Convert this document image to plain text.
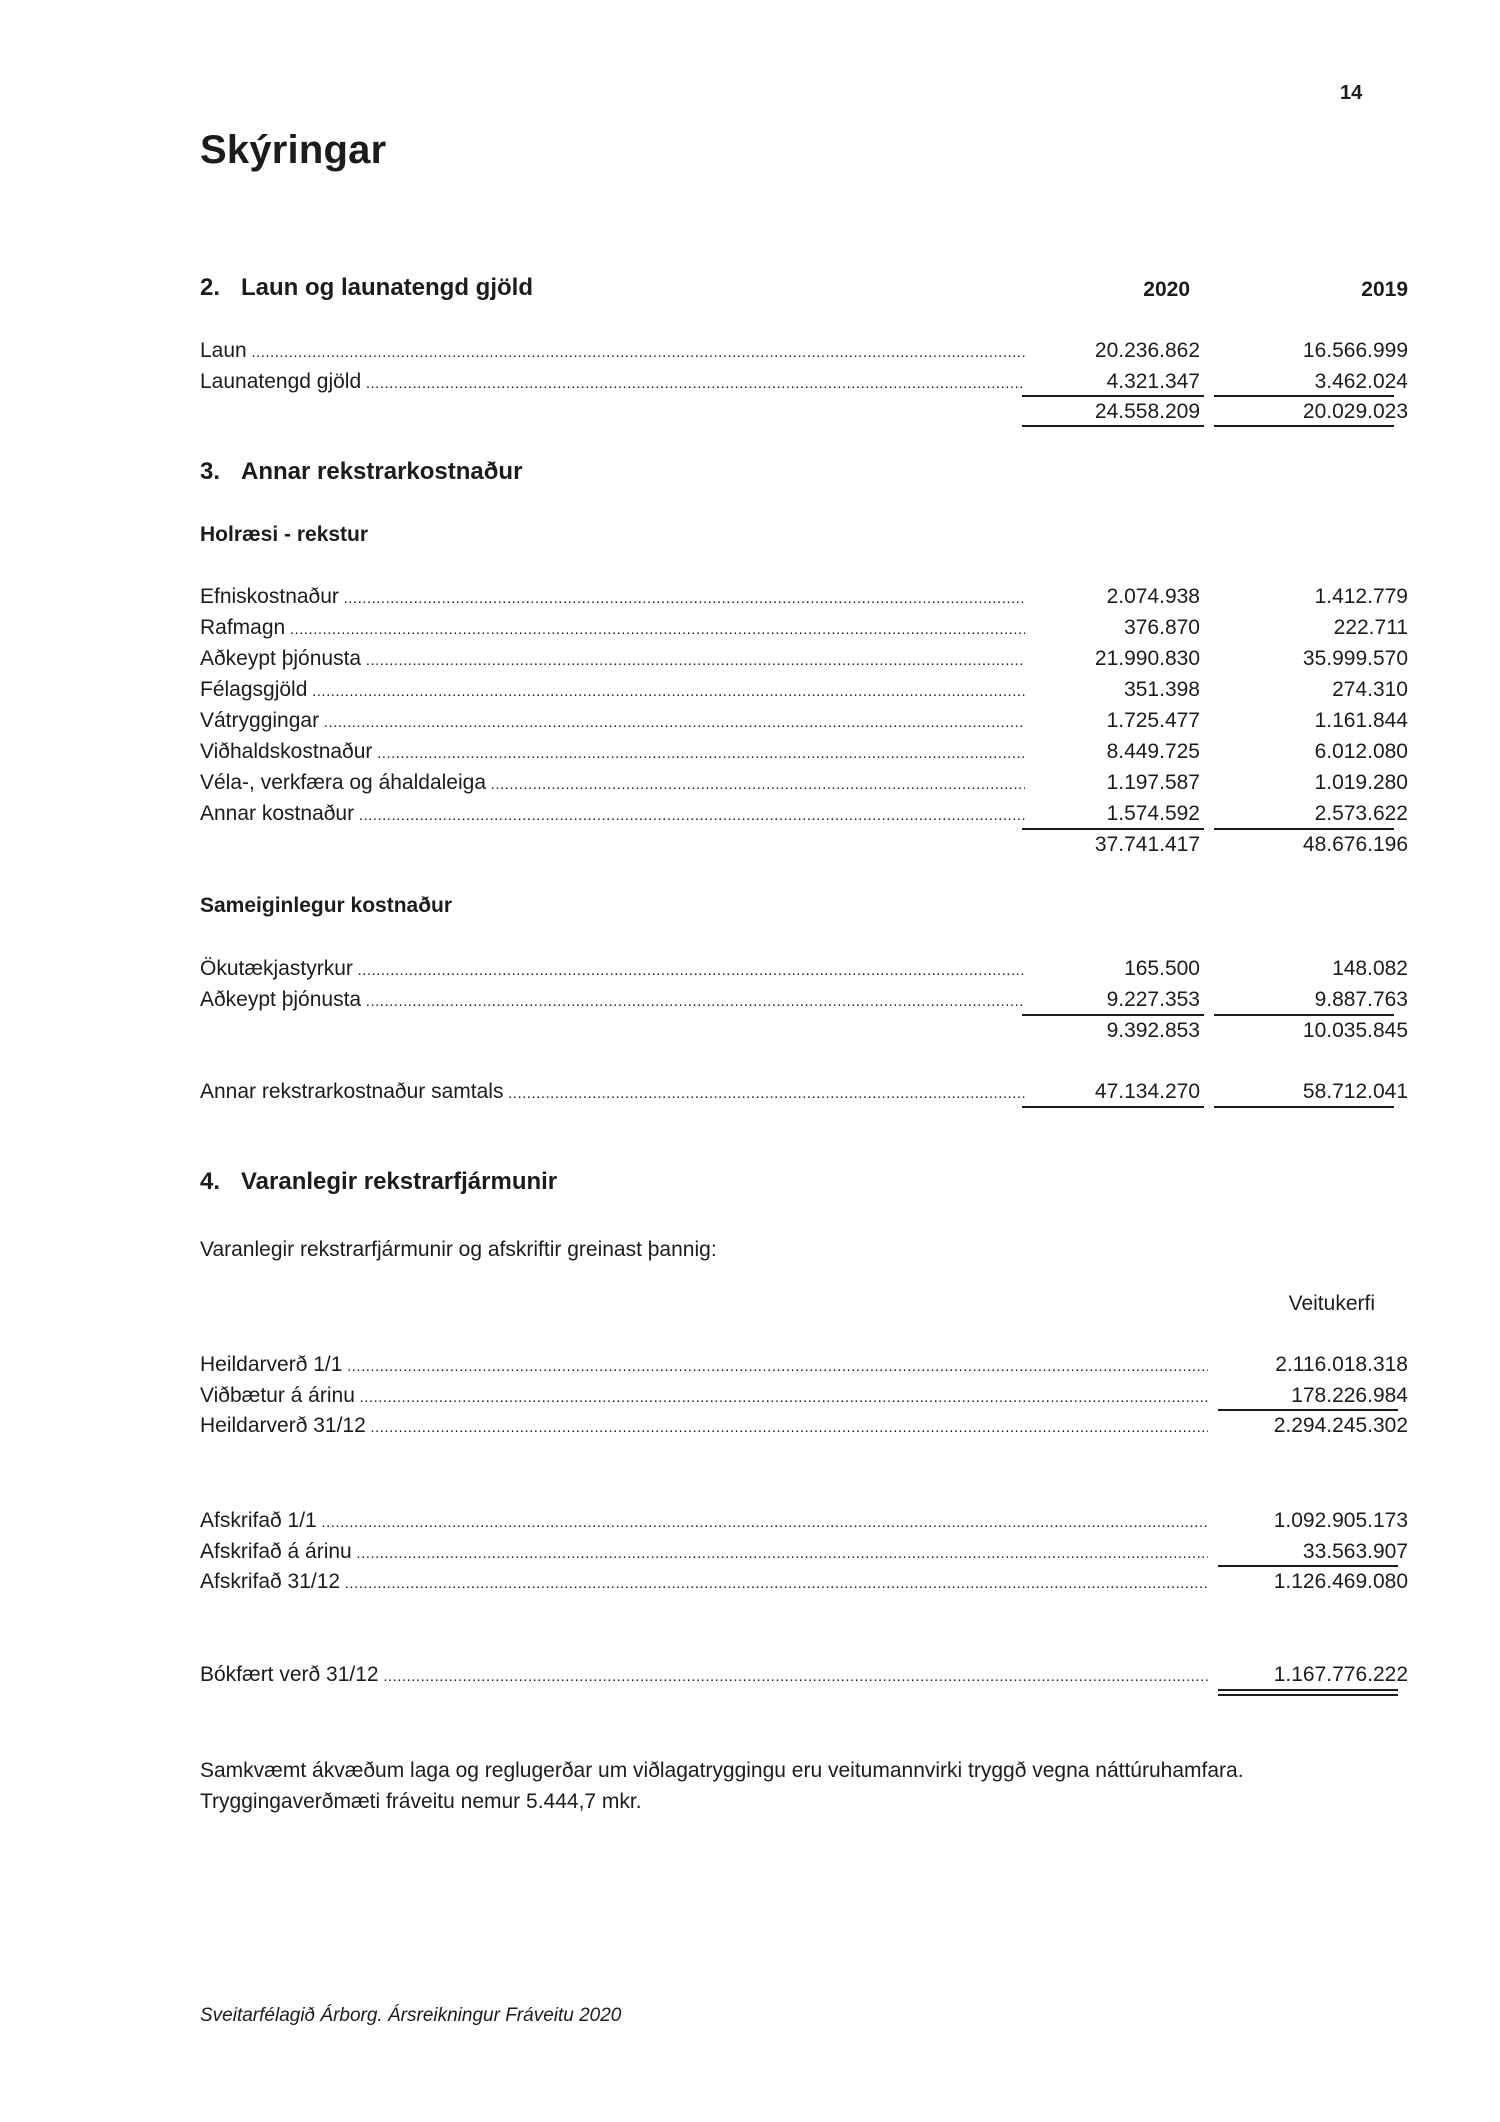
14
Skýringar
2. Laun og launatengd gjöld	2020	2019
Laun .....	20.236.862	16.566.999
Launatengd gjöld .....	4.321.347	3.462.024
24.558.209	20.029.023
3. Annar rekstrarkostnaður
Holræsi - rekstur
Efniskostnaður .....	2.074.938	1.412.779
Rafmagn .....	376.870	222.711
Aðkeypt þjónusta .....	21.990.830	35.999.570
Félagsgjöld .....	351.398	274.310
Vátryggingar .....	1.725.477	1.161.844
Viðhaldskostnaður .....	8.449.725	6.012.080
Véla-, verkfæra og áhaldaleiga .....	1.197.587	1.019.280
Annar kostnaður .....	1.574.592	2.573.622
37.741.417	48.676.196
Sameiginlegur kostnaður
Ökutækjastyrkur .....	165.500	148.082
Aðkeypt þjónusta .....	9.227.353	9.887.763
9.392.853	10.035.845
Annar rekstrarkostnaður samtals .....	47.134.270	58.712.041
4. Varanlegir rekstrarfjármunir
Varanlegir rekstrarfjármunir og afskriftir greinast þannig:
Veitukerfi
Heildarverð 1/1 .....	2.116.018.318
Viðbætur á árinu .....	178.226.984
Heildarverð 31/12 .....	2.294.245.302
Afskrifað 1/1 .....	1.092.905.173
Afskrifað á árinu .....	33.563.907
Afskrifað 31/12 .....	1.126.469.080
Bókfært verð 31/12 .....	1.167.776.222
Samkvæmt ákvæðum laga og reglugerðar um viðlagatryggingu eru veitumannvirki tryggð vegna náttúruhamfara.
Tryggingaverðmæti fráveitu nemur 5.444,7 mkr.
Sveitarfélagið Árborg. Ársreikningur Fráveitu 2020
